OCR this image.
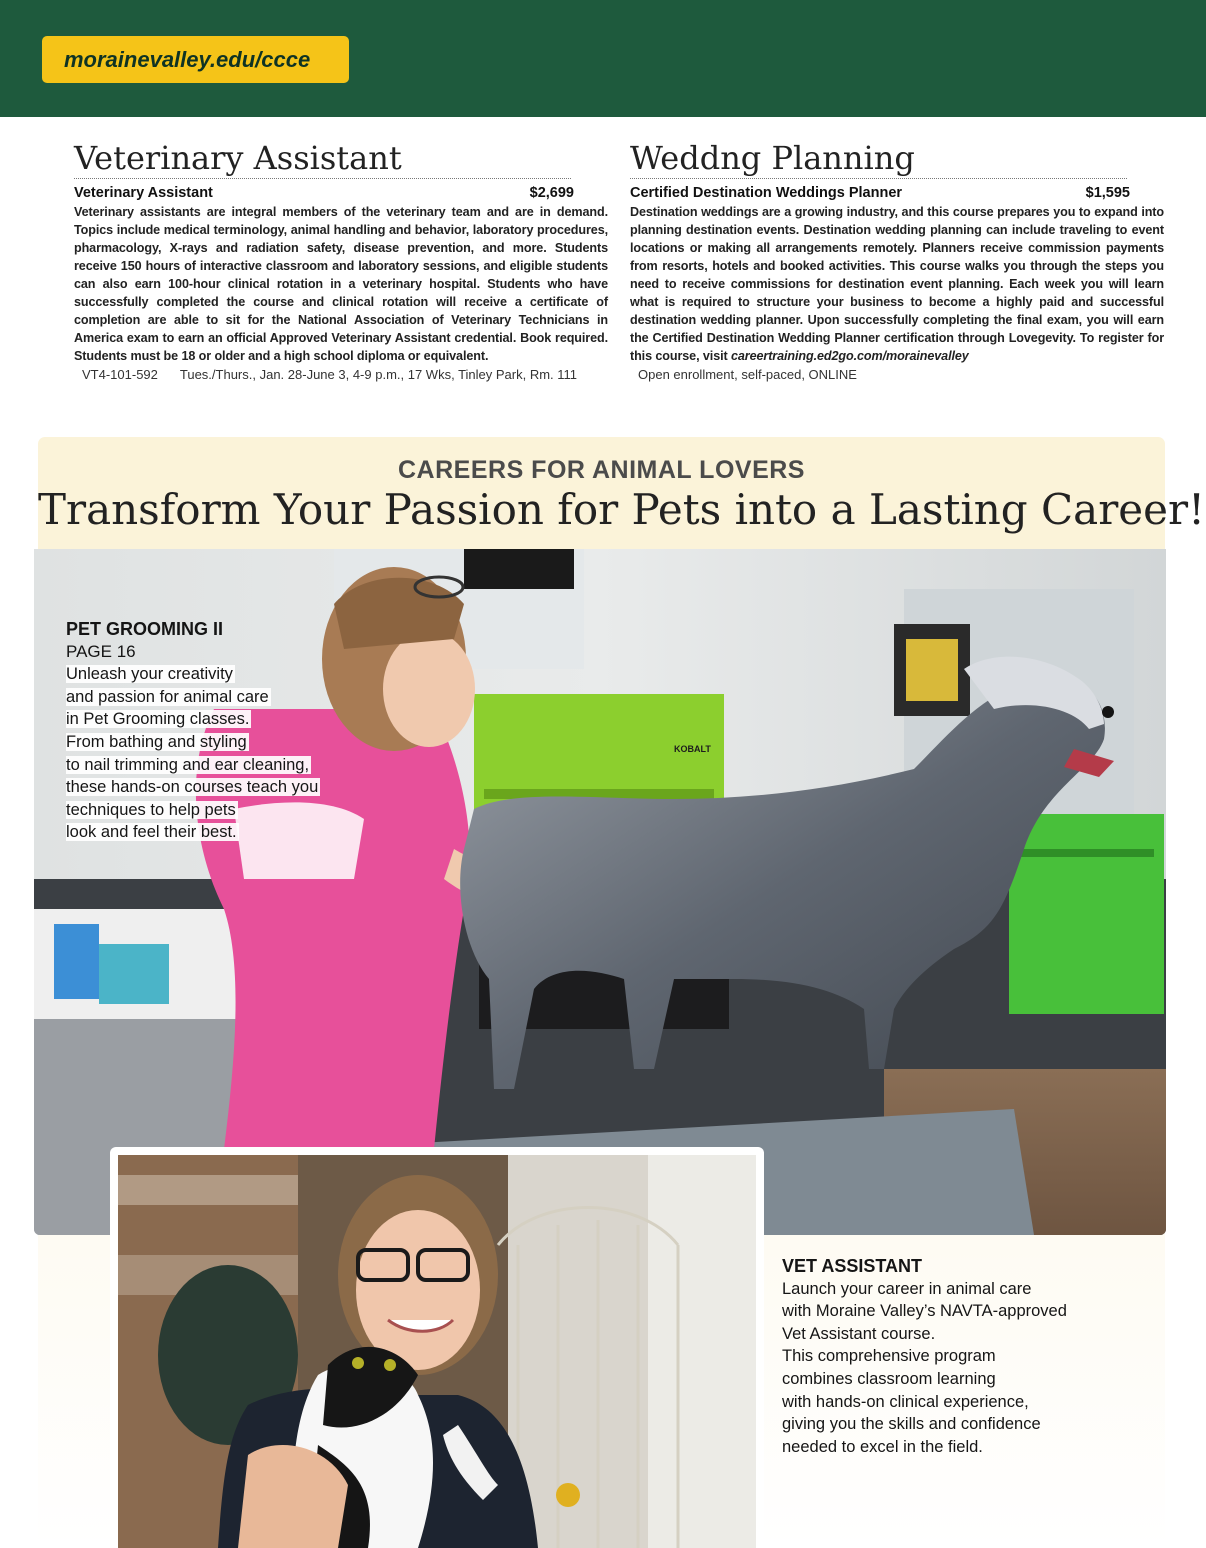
morainevalley.edu/ccce
Veterinary Assistant
Veterinary Assistant	$2,699
Veterinary assistants are integral members of the veterinary team and are in demand. Topics include medical terminology, animal handling and behavior, laboratory procedures, pharmacology, X-rays and radiation safety, disease prevention, and more. Students receive 150 hours of interactive classroom and laboratory sessions, and eligible students can also earn 100-hour clinical rotation in a veterinary hospital. Students who have successfully completed the course and clinical rotation will receive a certificate of completion are able to sit for the National Association of Veterinary Technicians in America exam to earn an official Approved Veterinary Assistant credential. Book required. Students must be 18 or older and a high school diploma or equivalent.
VT4-101-592 Tues./Thurs., Jan. 28-June 3, 4-9 p.m., 17 Wks, Tinley Park, Rm. 111
Weddng Planning
Certified Destination Weddings Planner	$1,595
Destination weddings are a growing industry, and this course prepares you to expand into planning destination events. Destination wedding planning can include traveling to event locations or making all arrangements remotely. Planners receive commission payments from resorts, hotels and booked activities. This course walks you through the steps you need to receive commissions for destination event planning. Each week you will learn what is required to structure your business to become a highly paid and successful destination wedding planner. Upon successfully completing the final exam, you will earn the Certified Destination Wedding Planner certification through Lovegevity. To register for this course, visit careertraining.ed2go.com/morainevalley
Open enrollment, self-paced, ONLINE
CAREERS FOR ANIMAL LOVERS
Transform Your Passion for Pets into a Lasting Career!
KOBALT
PET GROOMING II
PAGE 16
Unleash your creativity
and passion for animal care
in Pet Grooming classes.
From bathing and styling
to nail trimming and ear cleaning,
these hands-on courses teach you
techniques to help pets
look and feel their best.
VET ASSISTANT
Launch your career in animal care
with Moraine Valley’s NAVTA-approved
Vet Assistant course.
This comprehensive program
combines classroom learning
with hands-on clinical experience,
giving you the skills and confidence
needed to excel in the field.
